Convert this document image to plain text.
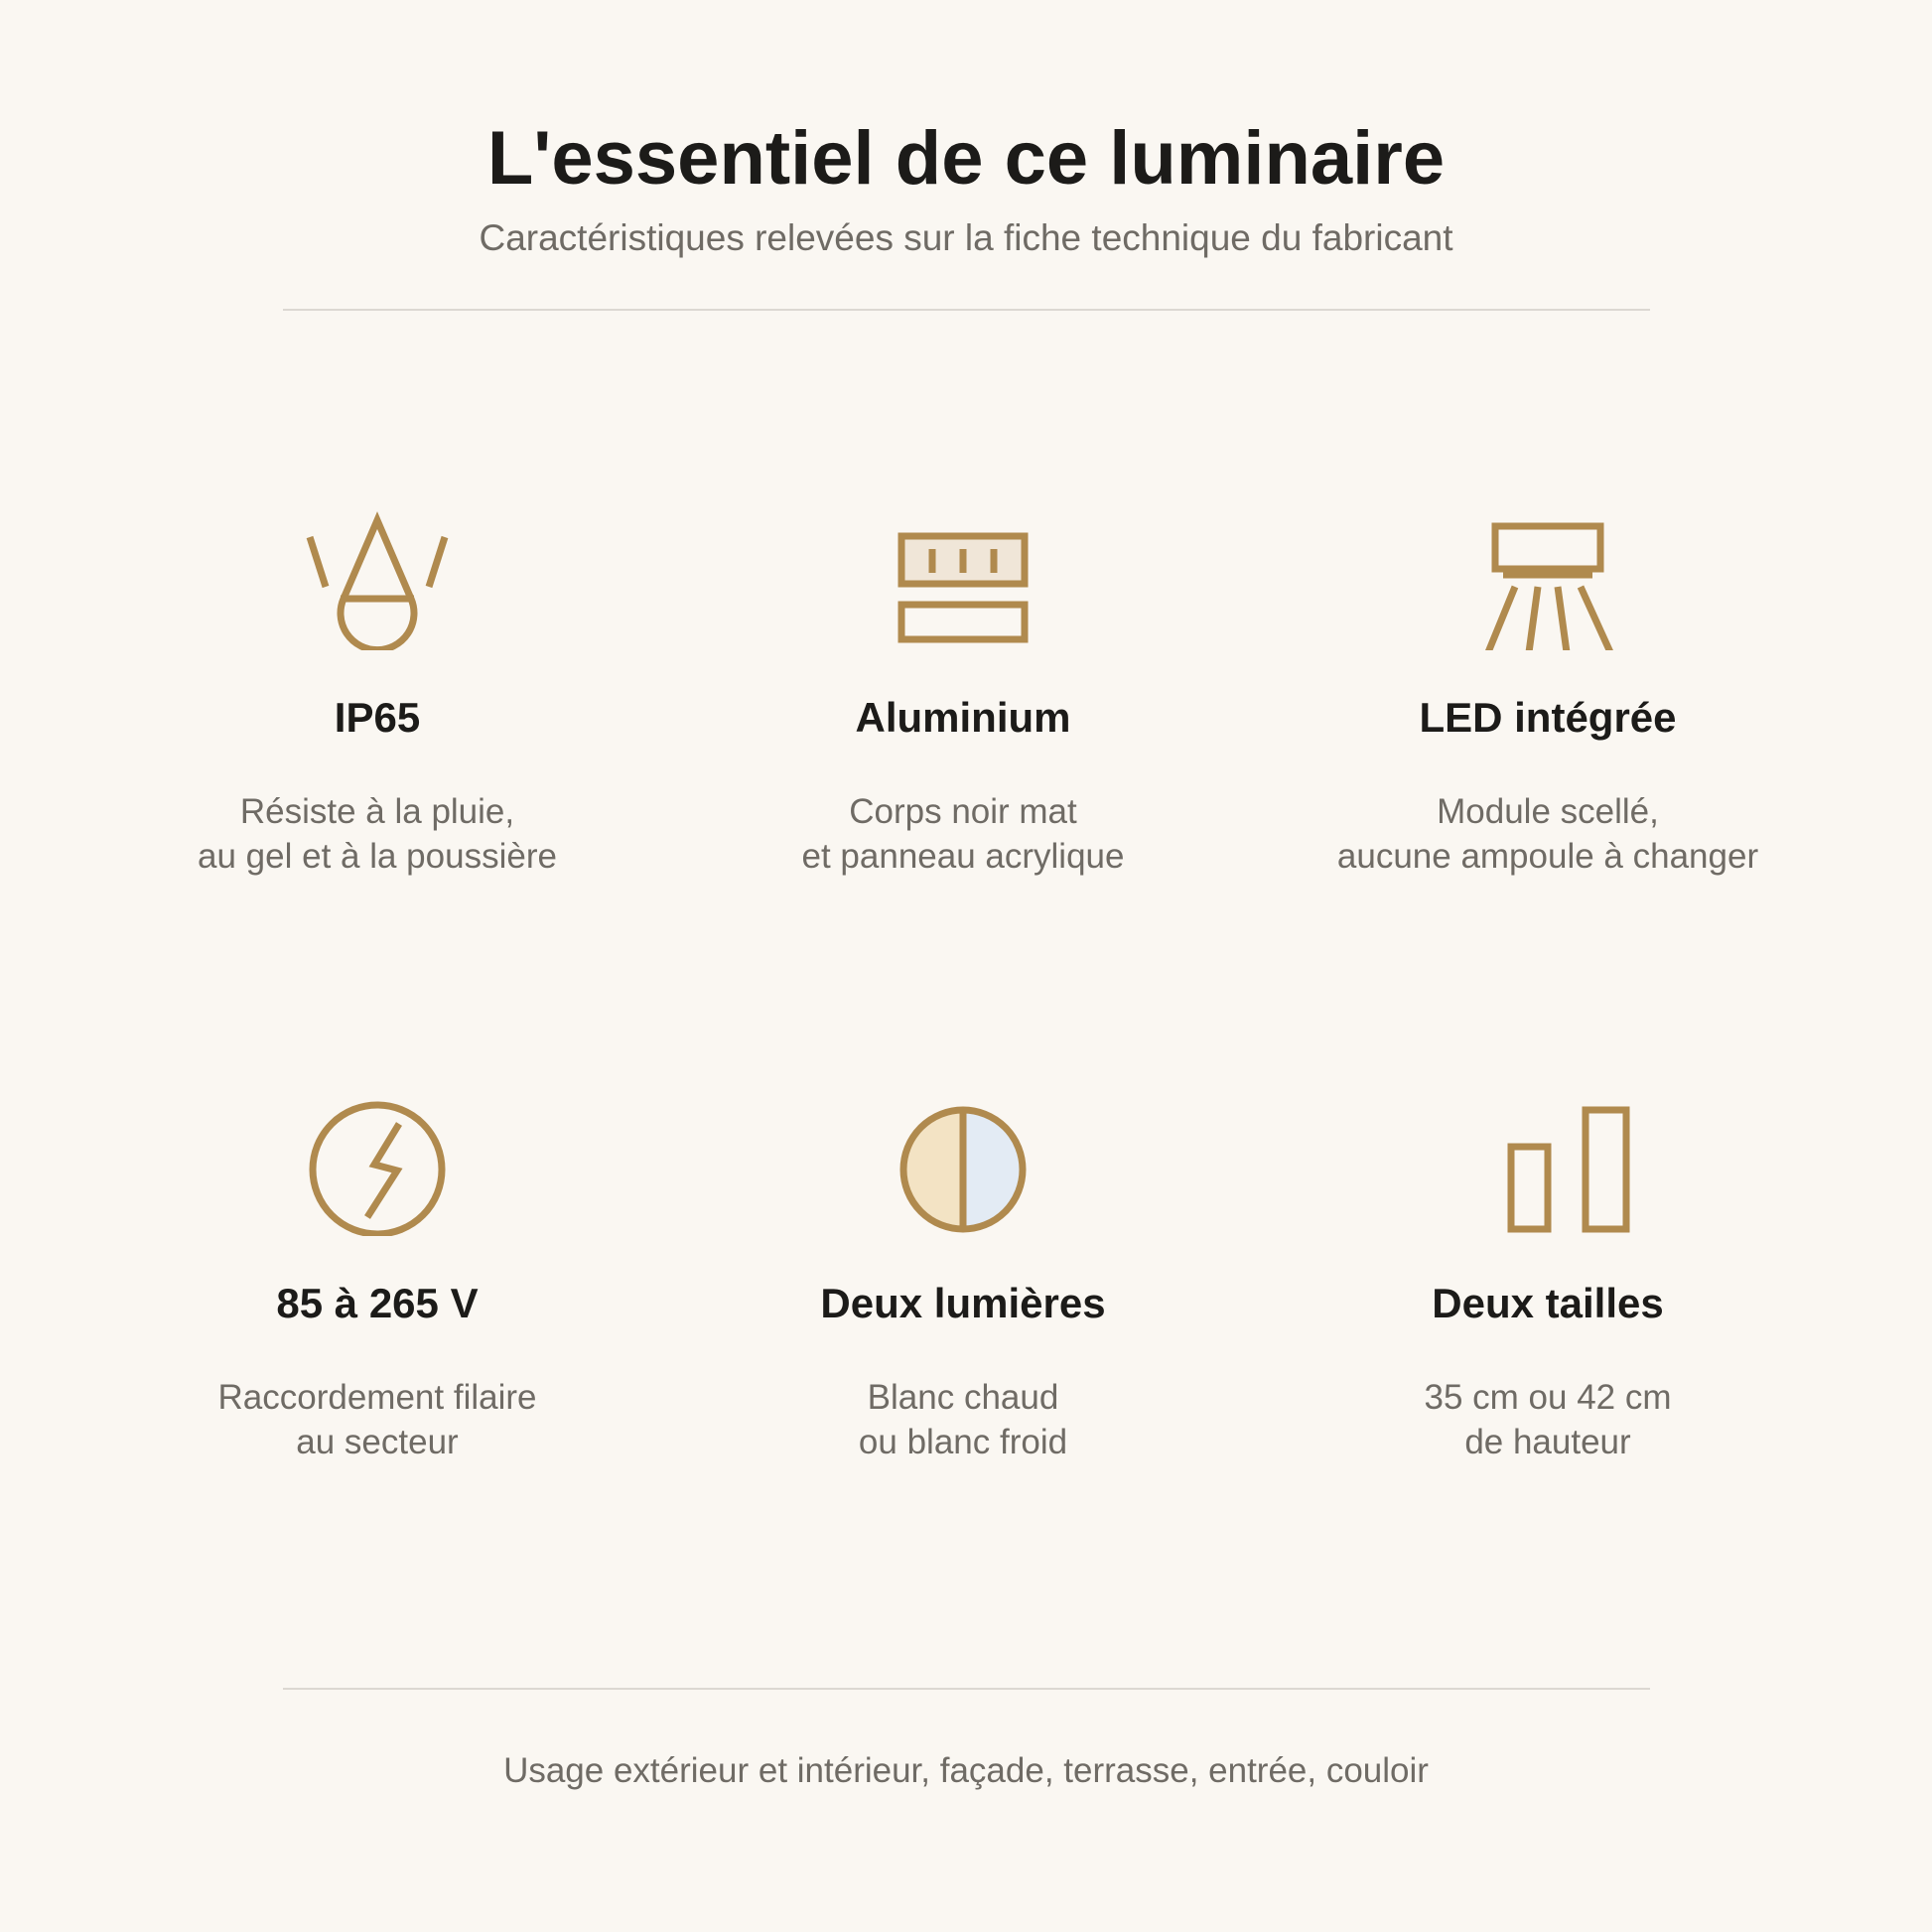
L'essentiel de ce luminaire
Caractéristiques relevées sur la fiche technique du fabricant
IP65
Résiste à la pluie,
au gel et à la poussière
Aluminium
Corps noir mat
et panneau acrylique
LED intégrée
Module scellé,
aucune ampoule à changer
85 à 265 V
Raccordement filaire
au secteur
Deux lumières
Blanc chaud
ou blanc froid
Deux tailles
35 cm ou 42 cm
de hauteur
Usage extérieur et intérieur, façade, terrasse, entrée, couloir
